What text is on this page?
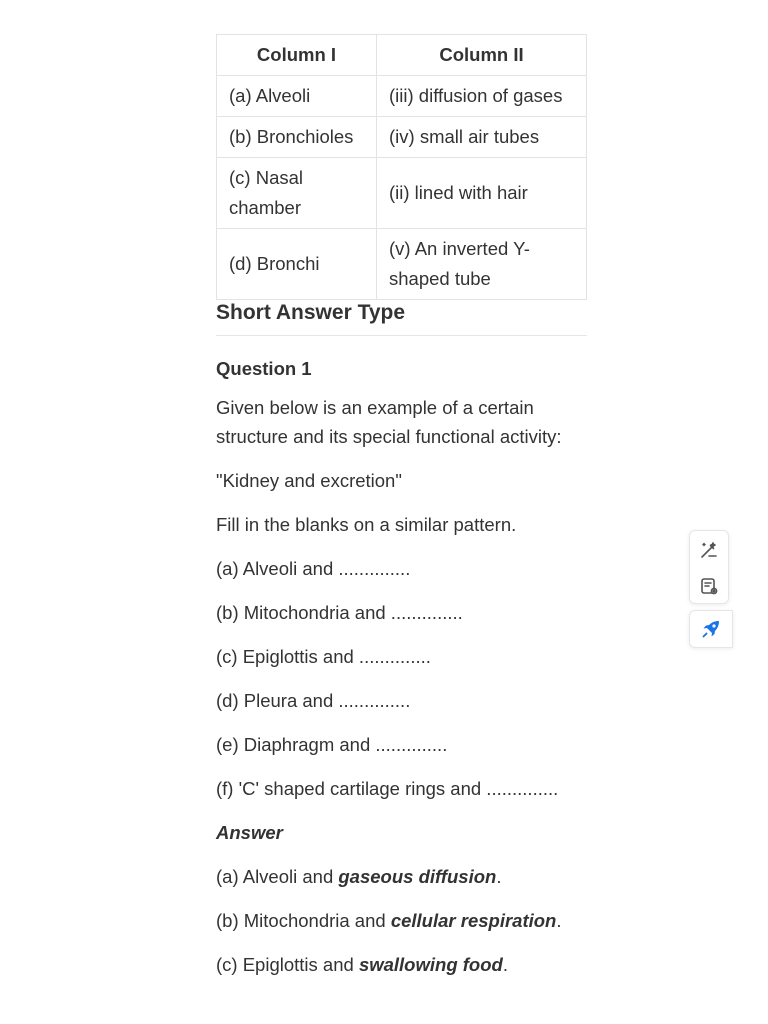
Column I	Column II
(a) Alveoli	(iii) diffusion of gases
(b) Bronchioles	(iv) small air tubes
(c) Nasal chamber	(ii) lined with hair
(d) Bronchi	(v) An inverted Y-shaped tube
Short Answer Type
Question 1

Given below is an example of a certain structure and its special functional activity:

"Kidney and excretion"

Fill in the blanks on a similar pattern.

(a) Alveoli and ..............

(b) Mitochondria and ..............

(c) Epiglottis and ..............

(d) Pleura and ..............

(e) Diaphragm and ..............

(f) 'C' shaped cartilage rings and ..............

Answer

(a) Alveoli and gaseous diffusion.

(b) Mitochondria and cellular respiration.

(c) Epiglottis and swallowing food.
